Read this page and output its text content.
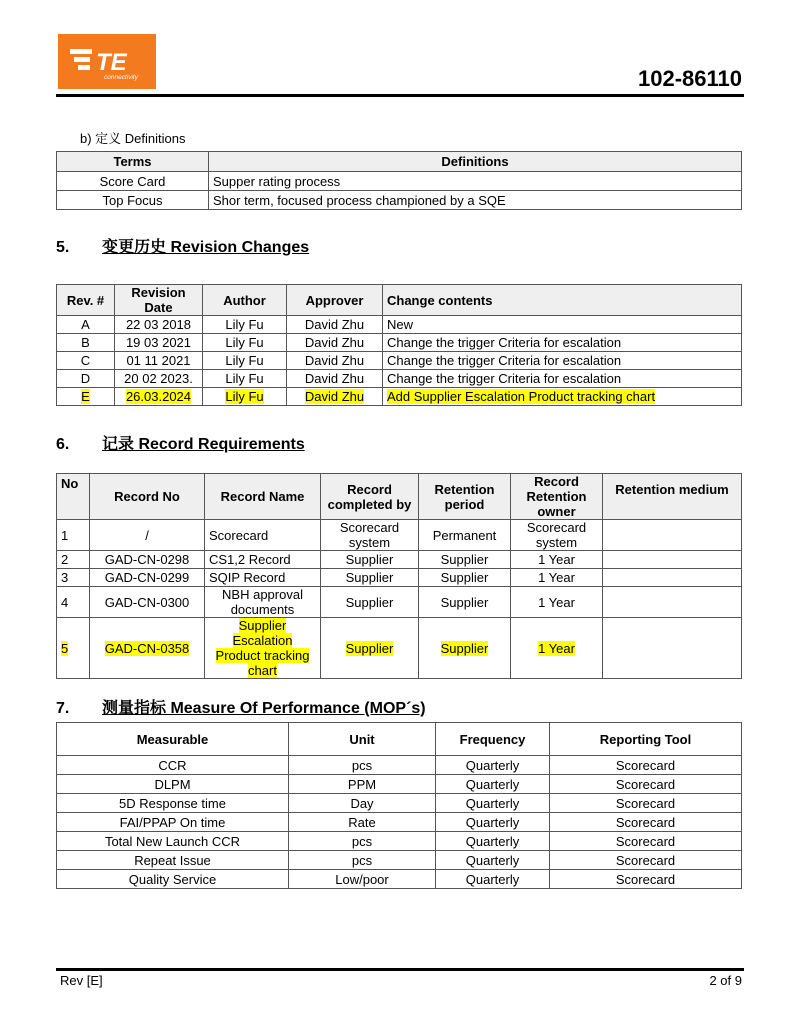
TE
connectivity	102-86110
b) 定义 Definitions
Terms	Definitions
Score Card	Supper rating process
Top Focus	Shor term, focused process championed by a SQE
5. 变更历史 Revision Changes
Rev. #	Revision Date	Author	Approver	Change contents
A	22 03 2018	Lily Fu	David Zhu	New
B	19 03 2021	Lily Fu	David Zhu	Change the trigger Criteria for escalation
C	01 11 2021	Lily Fu	David Zhu	Change the trigger Criteria for escalation
D	20 02 2023.	Lily Fu	David Zhu	Change the trigger Criteria for escalation
E	26.03.2024	Lily Fu	David Zhu	Add Supplier Escalation Product tracking chart
6. 记录 Record Requirements
No	Record No	Record Name	Record completed by	Retention period	Record Retention owner	Retention medium
1	/	Scorecard	Scorecard system	Permanent	Scorecard system	
2	GAD-CN-0298	CS1,2 Record	Supplier	Supplier	1 Year	
3	GAD-CN-0299	SQIP Record	Supplier	Supplier	1 Year	
4	GAD-CN-0300	NBH approval documents	Supplier	Supplier	1 Year	
5	GAD-CN-0358	Supplier Escalation Product tracking chart	Supplier	Supplier	1 Year	
7. 测量指标 Measure Of Performance (MOP´s)
Measurable	Unit	Frequency	Reporting Tool
CCR	pcs	Quarterly	Scorecard
DLPM	PPM	Quarterly	Scorecard
5D Response time	Day	Quarterly	Scorecard
FAI/PPAP On time	Rate	Quarterly	Scorecard
Total New Launch CCR	pcs	Quarterly	Scorecard
Repeat Issue	pcs	Quarterly	Scorecard
Quality Service	Low/poor	Quarterly	Scorecard
Rev [E]	2 of 9
